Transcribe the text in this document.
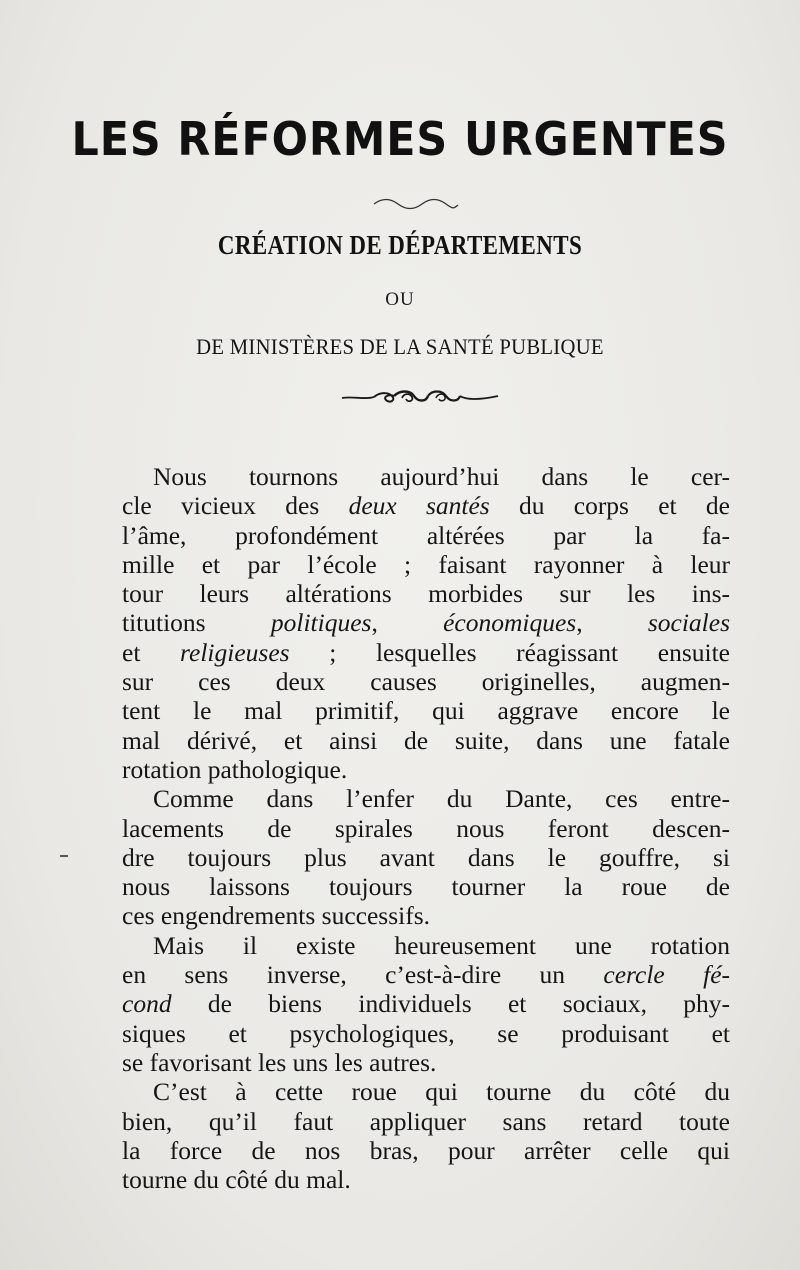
LES RÉFORMES URGENTES
CRÉATION DE DÉPARTEMENTS
OU
DE MINISTÈRES DE LA SANTÉ PUBLIQUE

Nous tournons aujourd’hui dans le cer-
cle vicieux des deux santés du corps et de
l’âme, profondément altérées par la fa-
mille et par l’école ; faisant rayonner à leur
tour leurs altérations morbides sur les ins-
titutions politiques, économiques, sociales
et religieuses ; lesquelles réagissant ensuite
sur ces deux causes originelles, augmen-
tent le mal primitif, qui aggrave encore le
mal dérivé, et ainsi de suite, dans une fatale
rotation pathologique.

Comme dans l’enfer du Dante, ces entre-
lacements de spirales nous feront descen-
dre toujours plus avant dans le gouffre, si
nous laissons toujours tourner la roue de
ces engendrements successifs.

Mais il existe heureusement une rotation
en sens inverse, c’est-à-dire un cercle fé-
cond de biens individuels et sociaux, phy-
siques et psychologiques, se produisant et
se favorisant les uns les autres.

C’est à cette roue qui tourne du côté du
bien, qu’il faut appliquer sans retard toute
la force de nos bras, pour arrêter celle qui
tourne du côté du mal.
